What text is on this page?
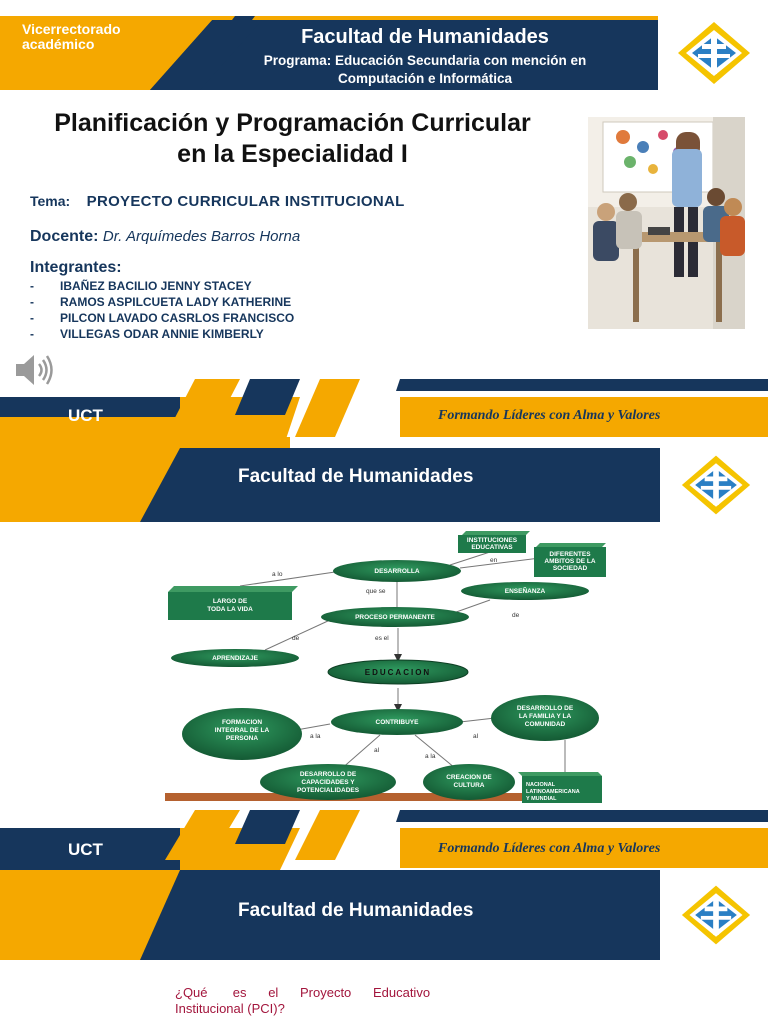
Vicerrectorado
académico	Facultad de Humanidades
Programa: Educación Secundaria con mención en
Computación e Informática
Planificación y Programación Curricular
en la Especialidad I
Tema: PROYECTO CURRICULAR INSTITUCIONAL
Docente: Dr. Arquímedes Barros Horna
Integrantes:
- IBAÑEZ BACILIO JENNY STACEY
- RAMOS ASPILCUETA LADY KATHERINE
- PILCON LAVADO CASRLOS FRANCISCO
- VILLEGAS ODAR ANNIE KIMBERLY
UCT	Formando Líderes con Alma y Valores
Facultad de Humanidades
DESARROLLA
ENSEÑANZA
PROCESO PERMANENTE
APRENDIZAJE
EDUCACION
CONTRIBUYE
FORMACION
INTEGRAL DE LA
PERSONA
DESARROLLO DE
LA FAMILIA Y LA
COMUNIDAD
DESARROLLO DE
CAPACIDADES Y
POTENCIALIDADES
CREACION DE
CULTURA
INSTITUCIONES
EDUCATIVAS
DIFERENTES
AMBITOS DE LA
SOCIEDAD
LARGO DE
TODA LA VIDA
NACIONAL
LATINOAMERICANA
Y MUNDIAL
a lo
en
que se
de
de
es el
a la	al
al
a la
UCT	Formando Líderes con Alma y Valores
Facultad de Humanidades
¿Qué       es      el      Proyecto      Educativo
Institucional (PCI)?
